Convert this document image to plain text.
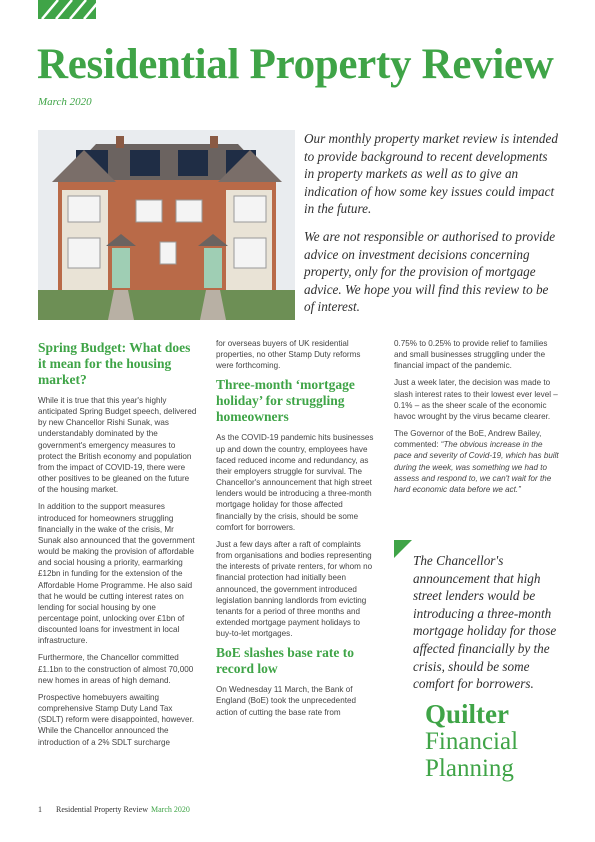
Residential Property Review
March 2020

Our monthly property market review is intended to provide background to recent developments in property markets as well as to give an indication of how some key issues could impact in the future.

We are not responsible or authorised to provide advice on investment decisions concerning property, only for the provision of mortgage advice. We hope you will find this review to be of interest.

Spring Budget: What does it mean for the housing market?

While it is true that this year's highly anticipated Spring Budget speech, delivered by new Chancellor Rishi Sunak, was understandably dominated by the government's emergency measures to protect the British economy and population from the impact of COVID-19, there were other positives to be gleaned on the future of the housing market.

In addition to the support measures introduced for homeowners struggling financially in the wake of the crisis, Mr Sunak also announced that the government would be making the provision of affordable and social housing a priority, earmarking £12bn in funding for the extension of the Affordable Home Programme. He also said that he would be cutting interest rates on lending for social housing by one percentage point, unlocking over £1bn of discounted loans for investment in local infrastructure.

Furthermore, the Chancellor committed £1.1bn to the construction of almost 70,000 new homes in areas of high demand.

Prospective homebuyers awaiting comprehensive Stamp Duty Land Tax (SDLT) reform were disappointed, however. While the Chancellor announced the introduction of a 2% SDLT surcharge

for overseas buyers of UK residential properties, no other Stamp Duty reforms were forthcoming.

Three-month ‘mortgage holiday’ for struggling homeowners

As the COVID-19 pandemic hits businesses up and down the country, employees have faced reduced income and redundancy, as their employers struggle for survival. The Chancellor's announcement that high street lenders would be introducing a three-month mortgage holiday for those affected financially by the crisis, should be some comfort for borrowers.

Just a few days after a raft of complaints from organisations and bodies representing the interests of private renters, for whom no financial protection had initially been announced, the government introduced legislation banning landlords from evicting tenants for a period of three months and extended mortgage payment holidays to buy-to-let mortgages.

BoE slashes base rate to record low

On Wednesday 11 March, the Bank of England (BoE) took the unprecedented action of cutting the base rate from

0.75% to 0.25% to provide relief to families and small businesses struggling under the financial impact of the pandemic.

Just a week later, the decision was made to slash interest rates to their lowest ever level – 0.1% – as the sheer scale of the economic havoc wrought by the virus became clearer.

The Governor of the BoE, Andrew Bailey, commented: “The obvious increase in the pace and severity of Covid-19, which has built during the week, was something we had to assess and respond to, we can't wait for the hard economic data before we act.”

The Chancellor's announcement that high street lenders would be introducing a three-month mortgage holiday for those affected financially by the crisis, should be some comfort for borrowers.
Quilter
Financial
Planning
1 Residential Property Review March 2020
